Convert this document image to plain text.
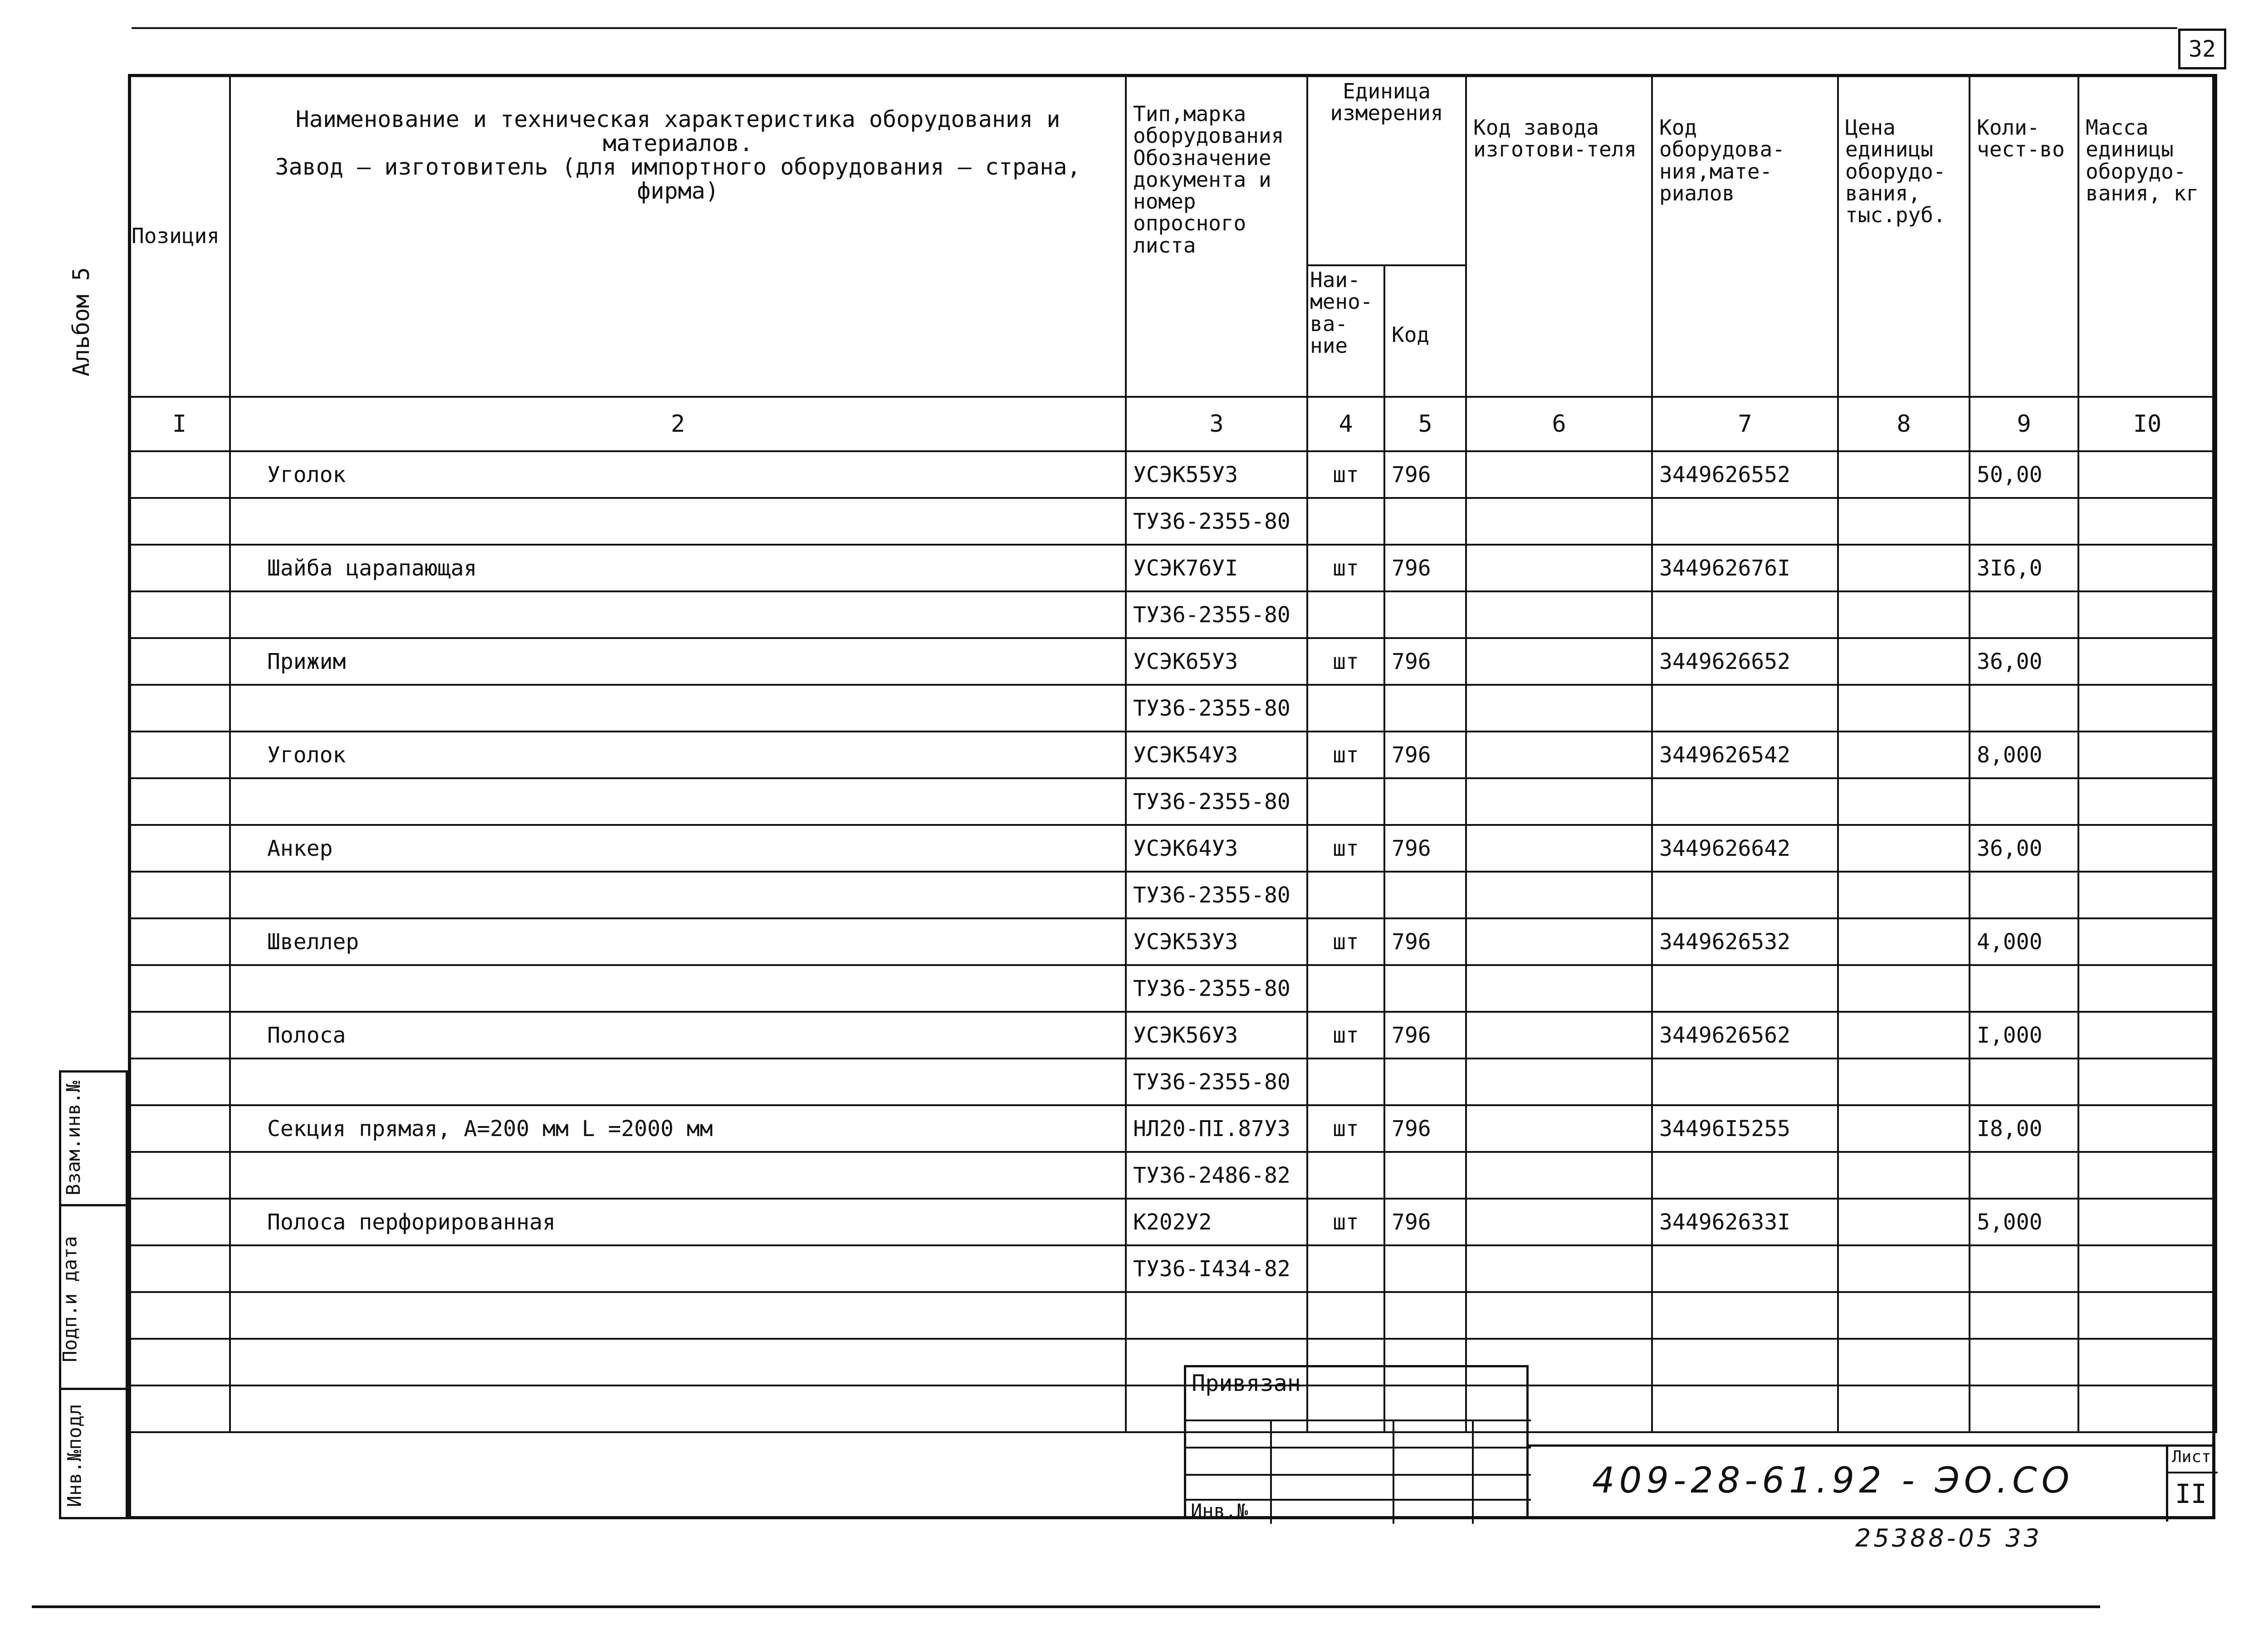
32
Альбом 5
Позиция	Наименование и техническая характеристика оборудования и
материалов.
Завод – изготовитель (для импортного оборудования – страна,
фирма)	Тип,марка оборудования Обозначение документа и номер опросного листа	Единица измерения		Код завода изготови-теля	Код оборудова-ния,мате-риалов	Цена единицы оборудо-вания, тыс.руб.	Коли-чест-во	Масса единицы оборудо-вания, кг
			Наи-мено-ва-ние	Код					
I	2	3	4	5	6	7	8	9	I0
	Уголок	УСЭК55У3	шт	796		3449626552		50,00	
		ТУ36-2355-80							
	Шайба царапающая	УСЭК76УI	шт	796		344962676I		3I6,0	
		ТУ36-2355-80							
	Прижим	УСЭК65У3	шт	796		3449626652		36,00	
		ТУ36-2355-80							
	Уголок	УСЭК54У3	шт	796		3449626542		8,000	
		ТУ36-2355-80							
	Анкер	УСЭК64У3	шт	796		3449626642		36,00	
		ТУ36-2355-80							
	Швеллер	УСЭК53У3	шт	796		3449626532		4,000	
		ТУ36-2355-80							
	Полоса	УСЭК56У3	шт	796		3449626562		I,000	
		ТУ36-2355-80							
	Секция прямая, А=200 мм L =2000 мм	НЛ20-ПI.87У3	шт	796		34496I5255		I8,00	
		ТУ36-2486-82							
	Полоса перфорированная	К202У2	шт	796		344962633I		5,000	
		ТУ36-I434-82							

Взам.инв.№
Подп.и дата
Инв.№подл
Привязан
Инв.№
409-28-61.92 - ЭО.СО
Лист
II
25388-05 33
